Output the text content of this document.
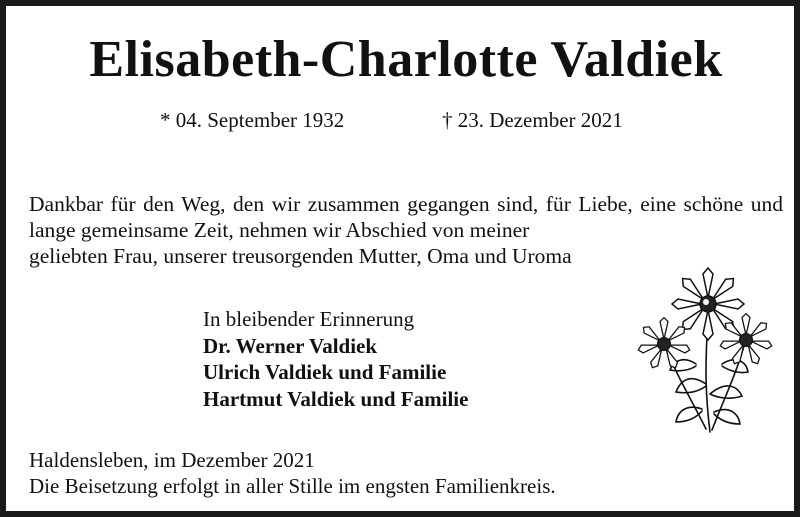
Elisabeth-Charlotte Valdiek
* 04. September 1932	† 23. Dezember 2021
Dankbar für den Weg, den wir zusammen gegangen sind, für Liebe, eine schöne und lange gemeinsame Zeit, nehmen wir Abschied von meiner
geliebten Frau, unserer treusorgenden Mutter, Oma und Uroma
In bleibender Erinnerung
Dr. Werner Valdiek
Ulrich Valdiek und Familie
Hartmut Valdiek und Familie
Haldensleben, im Dezember 2021
Die Beisetzung erfolgt in aller Stille im engsten Familienkreis.
